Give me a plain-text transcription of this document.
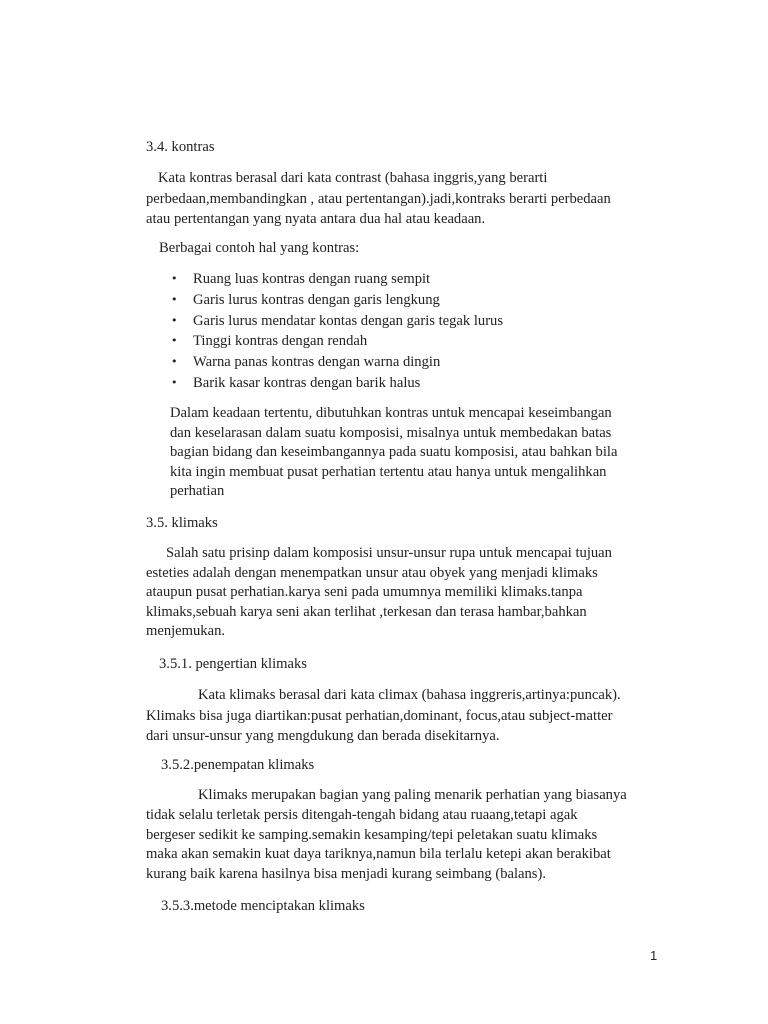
3.4. kontras
Kata kontras berasal dari kata contrast (bahasa inggris,yang berarti
perbedaan,membandingkan , atau pertentangan).jadi,kontraks berarti perbedaan
atau pertentangan yang nyata antara dua hal atau keadaan.
Berbagai contoh hal yang kontras:
• Ruang luas kontras dengan ruang sempit
• Garis lurus kontras dengan garis lengkung
• Garis lurus mendatar kontas dengan garis tegak lurus
• Tinggi kontras dengan rendah
• Warna panas kontras dengan warna dingin
• Barik kasar kontras dengan barik halus
Dalam keadaan tertentu, dibutuhkan kontras untuk mencapai keseimbangan
dan keselarasan dalam suatu komposisi, misalnya untuk membedakan batas
bagian bidang dan keseimbangannya pada suatu komposisi, atau bahkan bila
kita ingin membuat pusat perhatian tertentu atau hanya untuk mengalihkan
perhatian
3.5. klimaks
Salah satu prisinp dalam komposisi unsur-unsur rupa untuk mencapai tujuan
esteties adalah dengan menempatkan unsur atau obyek yang menjadi klimaks
ataupun pusat perhatian.karya seni pada umumnya memiliki klimaks.tanpa
klimaks,sebuah karya seni akan terlihat ,terkesan dan terasa hambar,bahkan
menjemukan.
3.5.1. pengertian klimaks
Kata klimaks berasal dari kata climax (bahasa inggreris,artinya:puncak).
Klimaks bisa juga diartikan:pusat perhatian,dominant, focus,atau subject-matter
dari unsur-unsur yang mengdukung dan berada disekitarnya.
3.5.2.penempatan klimaks
Klimaks merupakan bagian yang paling menarik perhatian yang biasanya
tidak selalu terletak persis ditengah-tengah bidang atau ruaang,tetapi agak
bergeser sedikit ke samping.semakin kesamping/tepi peletakan suatu klimaks
maka akan semakin kuat daya tariknya,namun bila terlalu ketepi akan berakibat
kurang baik karena hasilnya bisa menjadi kurang seimbang (balans).
3.5.3.metode menciptakan klimaks
1
